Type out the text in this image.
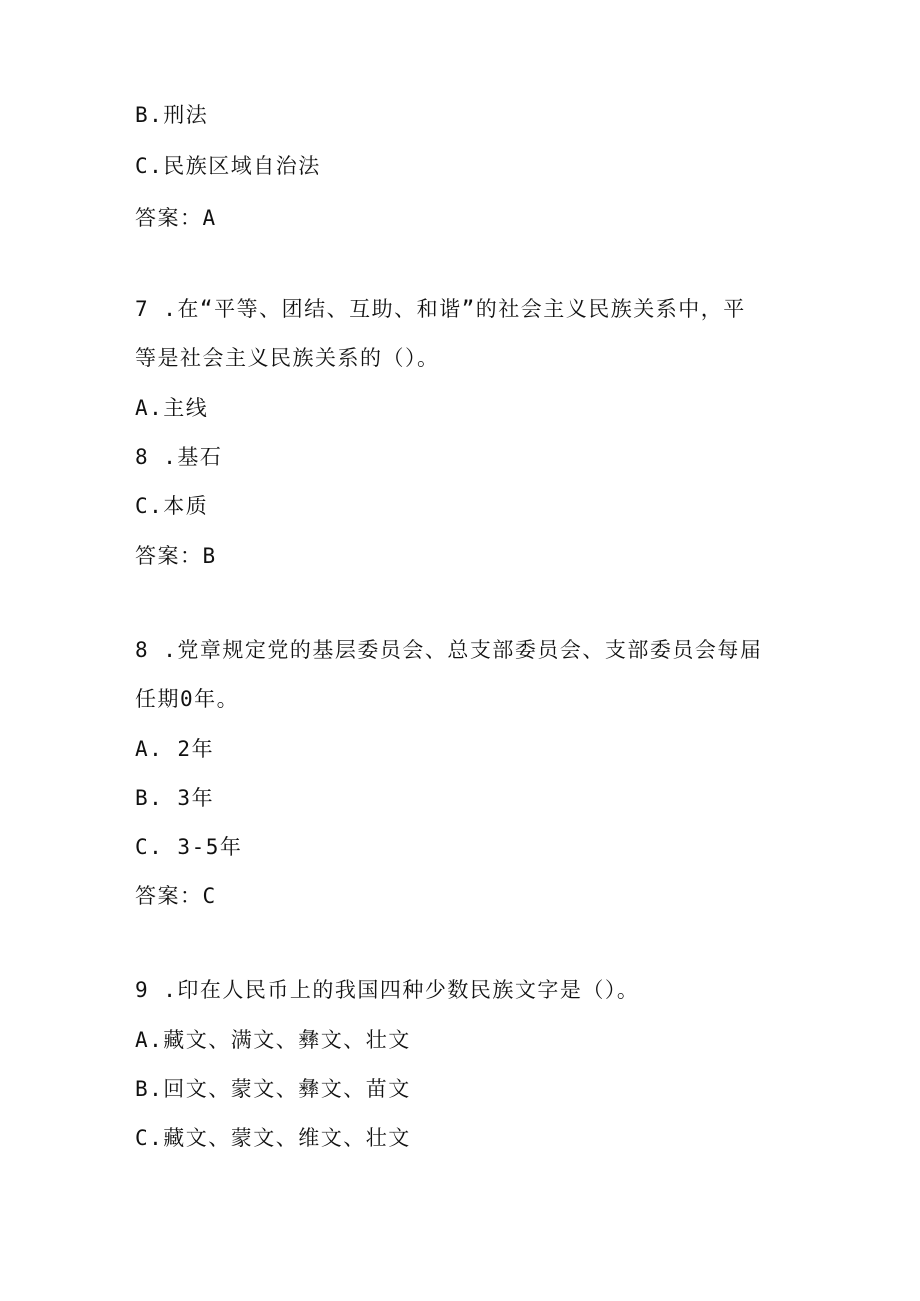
B.刑法
C.民族区域自治法
答案：A
7 .在“平等、团结、互助、和谐”的社会主义民族关系中，平
等是社会主义民族关系的（）。
A.主线
8 .基石
C.本质
答案：B
8 .党章规定党的基层委员会、总支部委员会、支部委员会每届
任期0年。
A. 2年
B. 3年
C. 3-5年
答案：C
9 .印在人民币上的我国四种少数民族文字是（）。
A.藏文、满文、彝文、壮文
B.回文、蒙文、彝文、苗文
C.藏文、蒙文、维文、壮文
